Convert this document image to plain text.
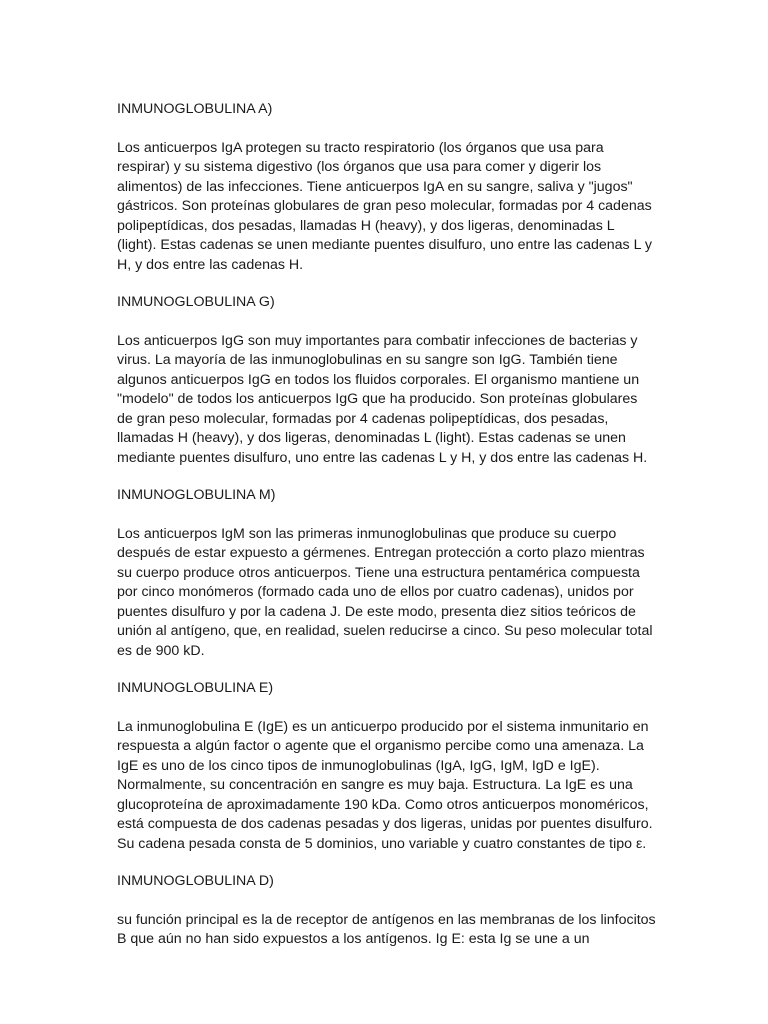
INMUNOGLOBULINA A)
Los anticuerpos IgA protegen su tracto respiratorio (los órganos que usa para respirar) y su sistema digestivo (los órganos que usa para comer y digerir los alimentos) de las infecciones. Tiene anticuerpos IgA en su sangre, saliva y "jugos" gástricos. Son proteínas globulares de gran peso molecular, formadas por 4 cadenas polipeptídicas, dos pesadas, llamadas H (heavy), y dos ligeras, denominadas L (light). Estas cadenas se unen mediante puentes disulfuro, uno entre las cadenas L y H, y dos entre las cadenas H.
INMUNOGLOBULINA G)
Los anticuerpos IgG son muy importantes para combatir infecciones de bacterias y virus. La mayoría de las inmunoglobulinas en su sangre son IgG. También tiene algunos anticuerpos IgG en todos los fluidos corporales. El organismo mantiene un "modelo" de todos los anticuerpos IgG que ha producido. Son proteínas globulares de gran peso molecular, formadas por 4 cadenas polipeptídicas, dos pesadas, llamadas H (heavy), y dos ligeras, denominadas L (light). Estas cadenas se unen mediante puentes disulfuro, uno entre las cadenas L y H, y dos entre las cadenas H.
INMUNOGLOBULINA M)
Los anticuerpos IgM son las primeras inmunoglobulinas que produce su cuerpo después de estar expuesto a gérmenes. Entregan protección a corto plazo mientras su cuerpo produce otros anticuerpos. Tiene una estructura pentamérica compuesta por cinco monómeros (formado cada uno de ellos por cuatro cadenas), unidos por puentes disulfuro y por la cadena J. De este modo, presenta diez sitios teóricos de unión al antígeno, que, en realidad, suelen reducirse a cinco. Su peso molecular total es de 900 kD.
INMUNOGLOBULINA E)
La inmunoglobulina E (IgE) es un anticuerpo producido por el sistema inmunitario en respuesta a algún factor o agente que el organismo percibe como una amenaza. La IgE es uno de los cinco tipos de inmunoglobulinas (IgA, IgG, IgM, IgD e IgE). Normalmente, su concentración en sangre es muy baja. Estructura. La IgE es una glucoproteína de aproximadamente 190 kDa. Como otros anticuerpos monoméricos, está compuesta de dos cadenas pesadas y dos ligeras, unidas por puentes disulfuro. Su cadena pesada consta de 5 dominios, uno variable y cuatro constantes de tipo ε.
INMUNOGLOBULINA D)
su función principal es la de receptor de antígenos en las membranas de los linfocitos B que aún no han sido expuestos a los antígenos. Ig E: esta Ig se une a un
